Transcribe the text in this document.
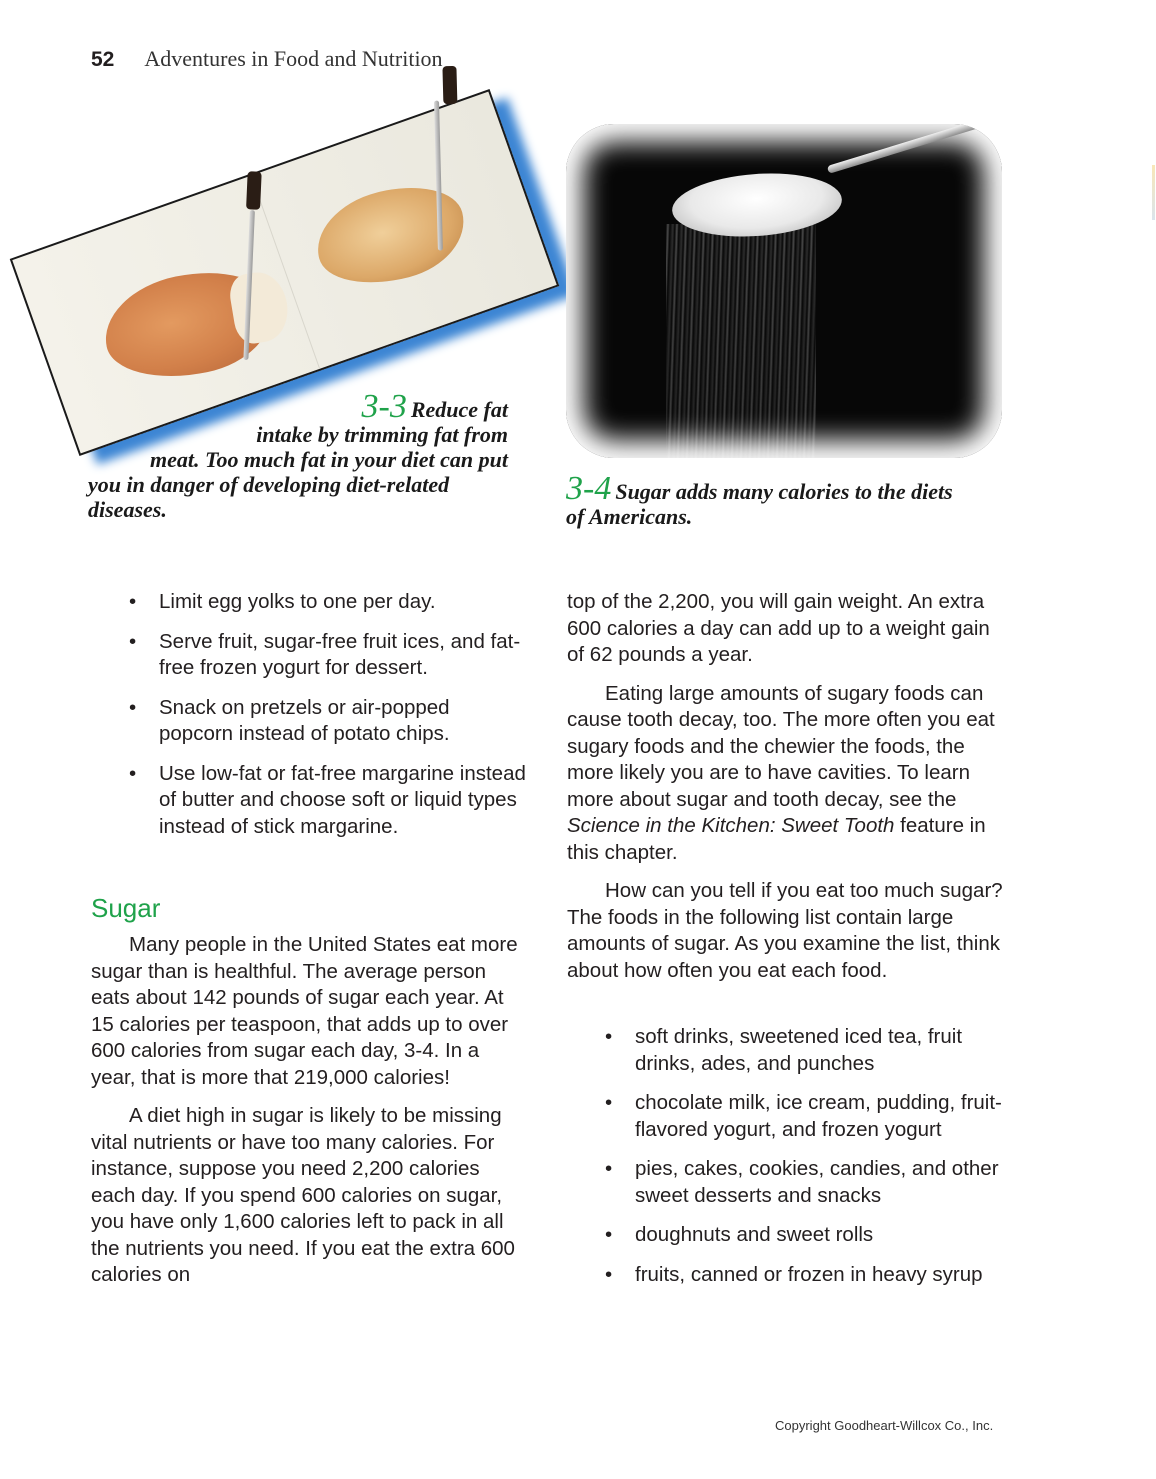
52 Adventures in Food and Nutrition
3-3 Reduce fat
intake by trimming fat from
meat. Too much fat in your diet can put
you in danger of developing diet-related
diseases.
3-4 Sugar adds many calories to the diets
of Americans.
• Limit egg yolks to one per day.
• Serve fruit, sugar-free fruit ices, and fat-free frozen yogurt for dessert.
• Snack on pretzels or air-popped popcorn instead of potato chips.
• Use low-fat or fat-free margarine instead of butter and choose soft or liquid types instead of stick margarine.
Sugar

Many people in the United States eat more sugar than is healthful. The average person eats about 142 pounds of sugar each year. At 15 calories per teaspoon, that adds up to over 600 calories from sugar each day, 3-4. In a year, that is more that 219,000 calories!

A diet high in sugar is likely to be missing vital nutrients or have too many calories. For instance, suppose you need 2,200 calories each day. If you spend 600 calories on sugar, you have only 1,600 calories left to pack in all the nutrients you need. If you eat the extra 600 calories on

top of the 2,200, you will gain weight. An extra 600 calories a day can add up to a weight gain of 62 pounds a year.

Eating large amounts of sugary foods can cause tooth decay, too. The more often you eat sugary foods and the chewier the foods, the more likely you are to have cavities. To learn more about sugar and tooth decay, see the Science in the Kitchen: Sweet Tooth feature in this chapter.

How can you tell if you eat too much sugar? The foods in the following list contain large amounts of sugar. As you examine the list, think about how often you eat each food.

• soft drinks, sweetened iced tea, fruit drinks, ades, and punches
• chocolate milk, ice cream, pudding, fruit-flavored yogurt, and frozen yogurt
• pies, cakes, cookies, candies, and other sweet desserts and snacks
• doughnuts and sweet rolls
• fruits, canned or frozen in heavy syrup
Copyright Goodheart-Willcox Co., Inc.
